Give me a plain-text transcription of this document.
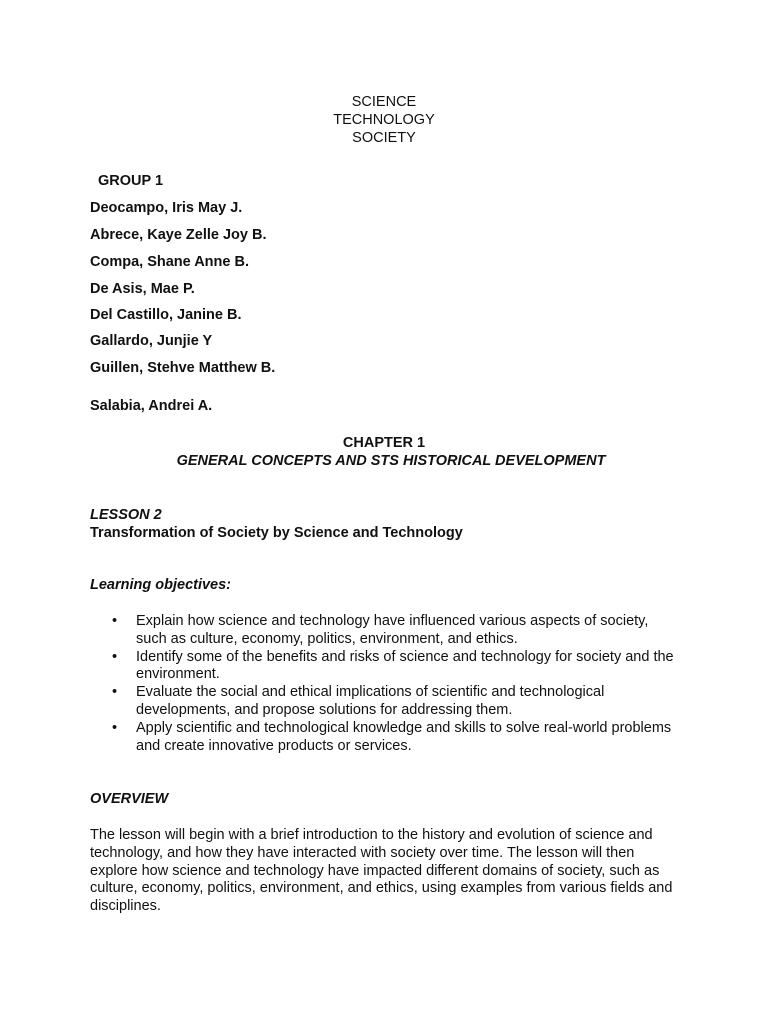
SCIENCE
TECHNOLOGY
SOCIETY
GROUP 1
Deocampo, Iris May J.
Abrece, Kaye Zelle Joy B.
Compa, Shane Anne B.
De Asis, Mae P.
Del Castillo, Janine B.
Gallardo, Junjie Y
Guillen, Stehve Matthew B.
Salabia, Andrei A.
CHAPTER 1
GENERAL CONCEPTS AND STS HISTORICAL DEVELOPMENT
LESSON 2
Transformation of Society by Science and Technology
Learning objectives:
• Explain how science and technology have influenced various aspects of society, such as culture, economy, politics, environment, and ethics.
• Identify some of the benefits and risks of science and technology for society and the environment.
• Evaluate the social and ethical implications of scientific and technological developments, and propose solutions for addressing them.
• Apply scientific and technological knowledge and skills to solve real-world problems and create innovative products or services.
OVERVIEW
The lesson will begin with a brief introduction to the history and evolution of science and technology, and how they have interacted with society over time. The lesson will then explore how science and technology have impacted different domains of society, such as culture, economy, politics, environment, and ethics, using examples from various fields and disciplines.
